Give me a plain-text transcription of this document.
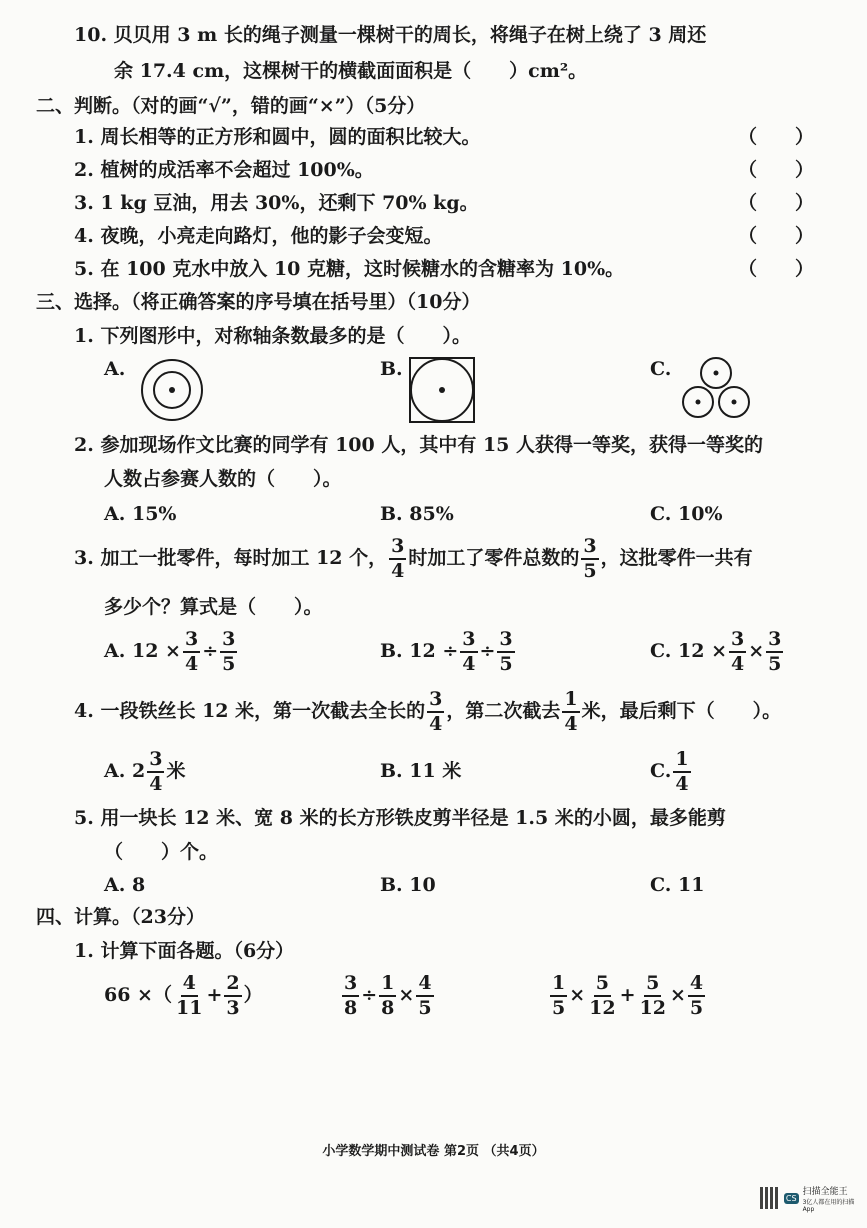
10. 贝贝用 3 m 长的绳子测量一棵树干的周长，将绳子在树上绕了 3 周还
余 17.4 cm，这棵树干的横截面面积是（　　）cm²。
二、判断。（对的画“√”，错的画“×”）（5分）
1. 周长相等的正方形和圆中，圆的面积比较大。	（　　）
2. 植树的成活率不会超过 100%。	（　　）
3. 1 kg 豆油，用去 30%，还剩下 70% kg。	（　　）
4. 夜晚，小亮走向路灯，他的影子会变短。	（　　）
5. 在 100 克水中放入 10 克糖，这时候糖水的含糖率为 10%。	（　　）
三、选择。（将正确答案的序号填在括号里）（10分）
1. 下列图形中，对称轴条数最多的是（　　）。
A.	B.	C.
2. 参加现场作文比赛的同学有 100 人，其中有 15 人获得一等奖，获得一等奖的
人数占参赛人数的（　　）。
A. 15%	B. 85%	C. 10%
3. 加工一批零件，每时加工 12 个， $\frac{3}{4}$ 时加工了零件总数的 $\frac{3}{5}$ ，这批零件一共有
多少个？算式是（　　）。
A. $12 \times \frac{3}{4} \div \frac{3}{5}$	B. $12 \div \frac{3}{4} \div \frac{3}{5}$	C. $12 \times \frac{3}{4} \times \frac{3}{5}$
4. 一段铁丝长 12 米，第一次截去全长的 $\frac{3}{4}$ ，第二次截去 $\frac{1}{4}$ 米，最后剩下（　　）。
A. $2 \frac{3}{4}$ 米	B. 11 米	C. $\frac{1}{4}$
5. 用一块长 12 米、宽 8 米的长方形铁皮剪半径是 1.5 米的小圆，最多能剪
（　　）个。
A. 8	B. 10	C. 11
四、计算。（23分）
1. 计算下面各题。（6分）
66 ×（ $\frac{4}{11} + \frac{2}{3}$ ）	$\frac{3}{8} \div \frac{1}{8} \times \frac{4}{5}$	$\frac{1}{5} \times \frac{5}{12} + \frac{5}{12} \times \frac{4}{5}$
小学数学期中测试卷 第2页 （共4页）
CS
扫描全能王
3亿人都在用的扫描App
